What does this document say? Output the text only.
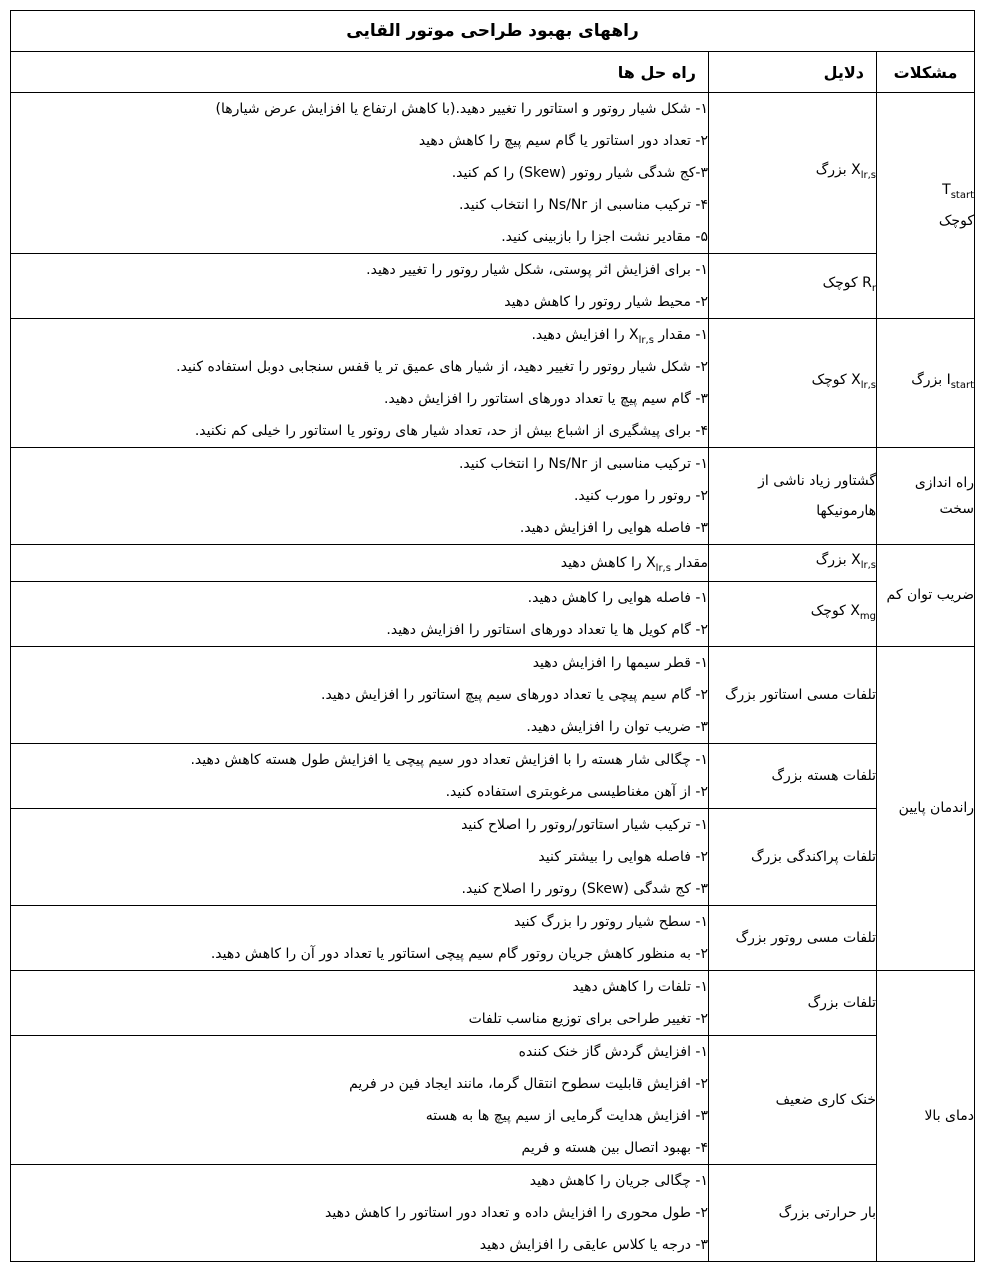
راههای بهبود طراحی موتور القایی		
مشکلات	دلایل	راه حل ها
$T_{start}$
کوچک	$X_{lr,s}$ بزرگ	۱- شکل شیار روتور و استاتور را تغییر دهید.(با کاهش ارتفاع یا افزایش عرض شیارها)
۲- تعداد دور استاتور یا گام سیم پیچ را کاهش دهید
۳-کج شدگی شیار روتور (Skew) را کم کنید.
۴- ترکیب مناسبی از Ns/Nr را انتخاب کنید.
۵- مقادیر نشت اجزا را بازبینی کنید.

	$R_r$ کوچک	۱- برای افزایش اثر پوستی، شکل شیار روتور را تغییر دهید.
۲- محیط شیار روتور را کاهش دهید

$I_{start}$ بزرگ	$X_{lr,s}$ کوچک	۱- مقدار $X_{lr,s}$ را افزایش دهید.
۲- شکل شیار روتور را تغییر دهید، از شیار های عمیق تر یا قفس سنجابی دوبل استفاده کنید.
۳- گام سیم پیچ یا تعداد دورهای استاتور را افزایش دهید.
۴- برای پیشگیری از اشباع بیش از حد، تعداد شیار های روتور یا استاتور را خیلی کم نکنید.

راه اندازی سخت	گشتاور زیاد ناشی از هارمونیکها	۱- ترکیب مناسبی از Ns/Nr را انتخاب کنید.
۲- روتور را مورب کنید.
۳- فاصله هوایی را افزایش دهید.

ضریب توان کم	$X_{lr,s}$ بزرگ	مقدار $X_{lr,s}$ را کاهش دهید

	$X_{mg}$ کوچک	۱- فاصله هوایی را کاهش دهید.
۲- گام کویل ها یا تعداد دورهای استاتور را افزایش دهید.

راندمان پایین	تلفات مسی استاتور بزرگ	۱- قطر سیمها را افزایش دهید
۲- گام سیم پیچی یا تعداد دورهای سیم پیچ استاتور را افزایش دهید.
۳- ضریب توان را افزایش دهید.

	تلفات هسته بزرگ	۱- چگالی شار هسته را با افزایش تعداد دور سیم پیچی یا افزایش طول هسته کاهش دهید.
۲- از آهن مغناطیسی مرغوبتری استفاده کنید.

	تلفات پراکندگی بزرگ	۱- ترکیب شیار استاتور/روتور را اصلاح کنید
۲- فاصله هوایی را بیشتر کنید
۳- کج شدگی (Skew) روتور را اصلاح کنید.

	تلفات مسی روتور بزرگ	۱- سطح شیار روتور را بزرگ کنید
۲- به منظور کاهش جریان روتور گام سیم پیچی استاتور یا تعداد دور آن را کاهش دهید.

دمای بالا	تلفات بزرگ	۱- تلفات را کاهش دهید
۲- تغییر طراحی برای توزیع مناسب تلفات

	خنک کاری ضعیف	۱- افزایش گردش گاز خنک کننده
۲- افزایش قابلیت سطوح انتقال گرما، مانند ایجاد فین در فریم
۳- افزایش هدایت گرمایی از سیم پیچ ها به هسته
۴- بهبود اتصال بین هسته و فریم

	بار حرارتی بزرگ	۱- چگالی جریان را کاهش دهید
۲- طول محوری را افزایش داده و تعداد دور استاتور را کاهش دهید
۳- درجه یا کلاس عایقی را افزایش دهید
